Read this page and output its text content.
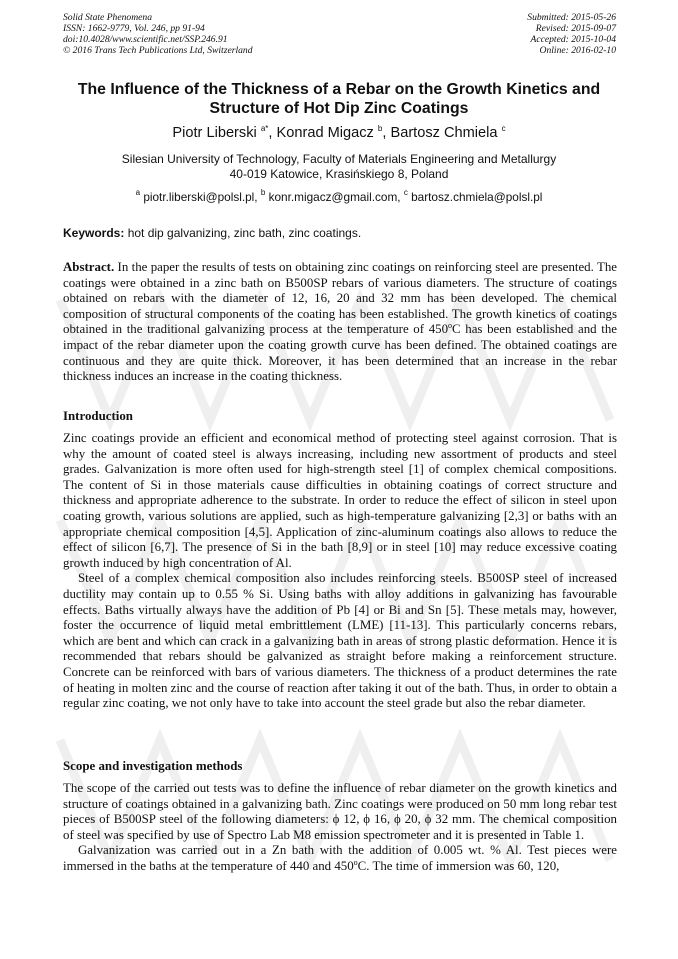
Solid State Phenomena
ISSN: 1662-9779, Vol. 246, pp 91-94
doi:10.4028/www.scientific.net/SSP.246.91
© 2016 Trans Tech Publications Ltd, Switzerland
Submitted: 2015-05-26
Revised: 2015-09-07
Accepted: 2015-10-04
Online: 2016-02-10
The Influence of the Thickness of a Rebar on the Growth Kinetics and Structure of Hot Dip Zinc Coatings
Piotr Liberski $^{a*}$, Konrad Migacz $^b$, Bartosz Chmiela $^c$
Silesian University of Technology, Faculty of Materials Engineering and Metallurgy
40-019 Katowice, Krasińskiego 8, Poland
$^a$ piotr.liberski@polsl.pl, $^b$ konr.migacz@gmail.com, $^c$ bartosz.chmiela@polsl.pl
Keywords: hot dip galvanizing, zinc bath, zinc coatings.

Abstract. In the paper the results of tests on obtaining zinc coatings on reinforcing steel are presented. The coatings were obtained in a zinc bath on B500SP rebars of various diameters. The structure of coatings obtained on rebars with the diameter of 12, 16, 20 and 32 mm has been developed. The chemical composition of structural components of the coating has been established. The growth kinetics of coatings obtained in the traditional galvanizing process at the temperature of 450$^o$C has been established and the impact of the rebar diameter upon the coating growth curve has been defined. The obtained coatings are continuous and they are quite thick. Moreover, it has been determined that an increase in the rebar thickness induces an increase in the coating thickness.

Introduction

Zinc coatings provide an efficient and economical method of protecting steel against corrosion. That is why the amount of coated steel is always increasing, including new assortment of products and steel grades. Galvanization is more often used for high-strength steel [1] of complex chemical compositions. The content of Si in those materials cause difficulties in obtaining coatings of correct structure and thickness and appropriate adherence to the substrate. In order to reduce the effect of silicon in steel upon coating growth, various solutions are applied, such as high-temperature galvanizing [2,3] or baths with an appropriate chemical composition [4,5]. Application of zinc-aluminum coatings also allows to reduce the effect of silicon [6,7]. The presence of Si in the bath [8,9] or in steel [10] may reduce excessive coating growth induced by high concentration of Al.

Steel of a complex chemical composition also includes reinforcing steels. B500SP steel of increased ductility may contain up to 0.55 % Si. Using baths with alloy additions in galvanizing has favourable effects. Baths virtually always have the addition of Pb [4] or Bi and Sn [5]. These metals may, however, foster the occurrence of liquid metal embrittlement (LME) [11-13]. This particularly concerns rebars, which are bent and which can crack in a galvanizing bath in areas of strong plastic deformation. Hence it is recommended that rebars should be galvanized as straight before making a reinforcement structure. Concrete can be reinforced with bars of various diameters. The thickness of a product determines the rate of heating in molten zinc and the course of reaction after taking it out of the bath. Thus, in order to obtain a regular zinc coating, we not only have to take into account the steel grade but also the rebar diameter.

Scope and investigation methods

The scope of the carried out tests was to define the influence of rebar diameter on the growth kinetics and structure of coatings obtained in a galvanizing bath. Zinc coatings were produced on 50 mm long rebar test pieces of B500SP steel of the following diameters: ϕ 12, ϕ 16, ϕ 20, ϕ 32 mm. The chemical composition of steel was specified by use of Spectro Lab M8 emission spectrometer and it is presented in Table 1.

Galvanization was carried out in a Zn bath with the addition of 0.005 wt. % Al. Test pieces were immersed in the baths at the temperature of 440 and 450$^o$C. The time of immersion was 60, 120,
